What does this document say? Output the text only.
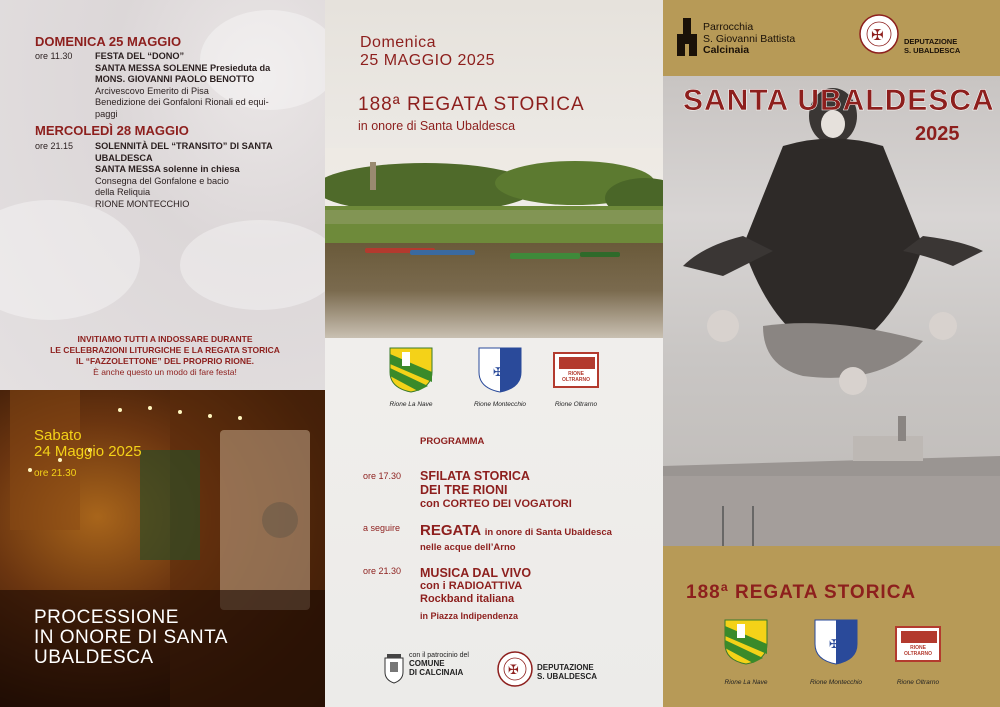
DOMENICA 25 MAGGIO
ore 11.30 FESTA DEL “DONO”
SANTA MESSA SOLENNE Presieduta da
MONS. GIOVANNI PAOLO BENOTTO
Arcivescovo Emerito di Pisa
Benedizione dei Gonfaloni Rionali ed equi-
paggi
MERCOLEDÌ 28 MAGGIO
ore 21.15 SOLENNITÀ DEL “TRANSITO” DI SANTA
UBALDESCA
SANTA MESSA solenne in chiesa
Consegna del Gonfalone e bacio
della Reliquia
RIONE MONTECCHIO
INVITIAMO TUTTI A INDOSSARE DURANTE
LE CELEBRAZIONI LITURGICHE E LA REGATA STORICA
IL “FAZZOLETTONE” DEL PROPRIO RIONE.
È anche questo un modo di fare festa!
Sabato
24 Maggio 2025
ore 21.30
PROCESSIONE
IN ONORE DI SANTA
UBALDESCA
Domenica
25 MAGGIO 2025
188ª REGATA STORICA
in onore di Santa Ubaldesca
✠	RIONE
OLTRARNO
Rione La Nave	Rione Montecchio	Rione Oltrarno
PROGRAMMA
ore 17.30 SFILATA STORICA
DEI TRE RIONI
con CORTEO DEI VOGATORI
a seguire REGATA in onore di Santa Ubaldesca
nelle acque dell’Arno
ore 21.30 MUSICA DAL VIVO
con i RADIOATTIVA
Rockband italiana
in Piazza Indipendenza
con il patrocinio del
COMUNE
DI CALCINAIA	✠ DEPUTAZIONE
S. UBALDESCA
Parrocchia
S. Giovanni Battista
Calcinaia
✠	DEPUTAZIONE
S. UBALDESCA
SANTA UBALDESCA
2025
188ª REGATA STORICA
✠	RIONE
OLTRARNO
Rione La Nave	Rione Montecchio	Rione Oltrarno
